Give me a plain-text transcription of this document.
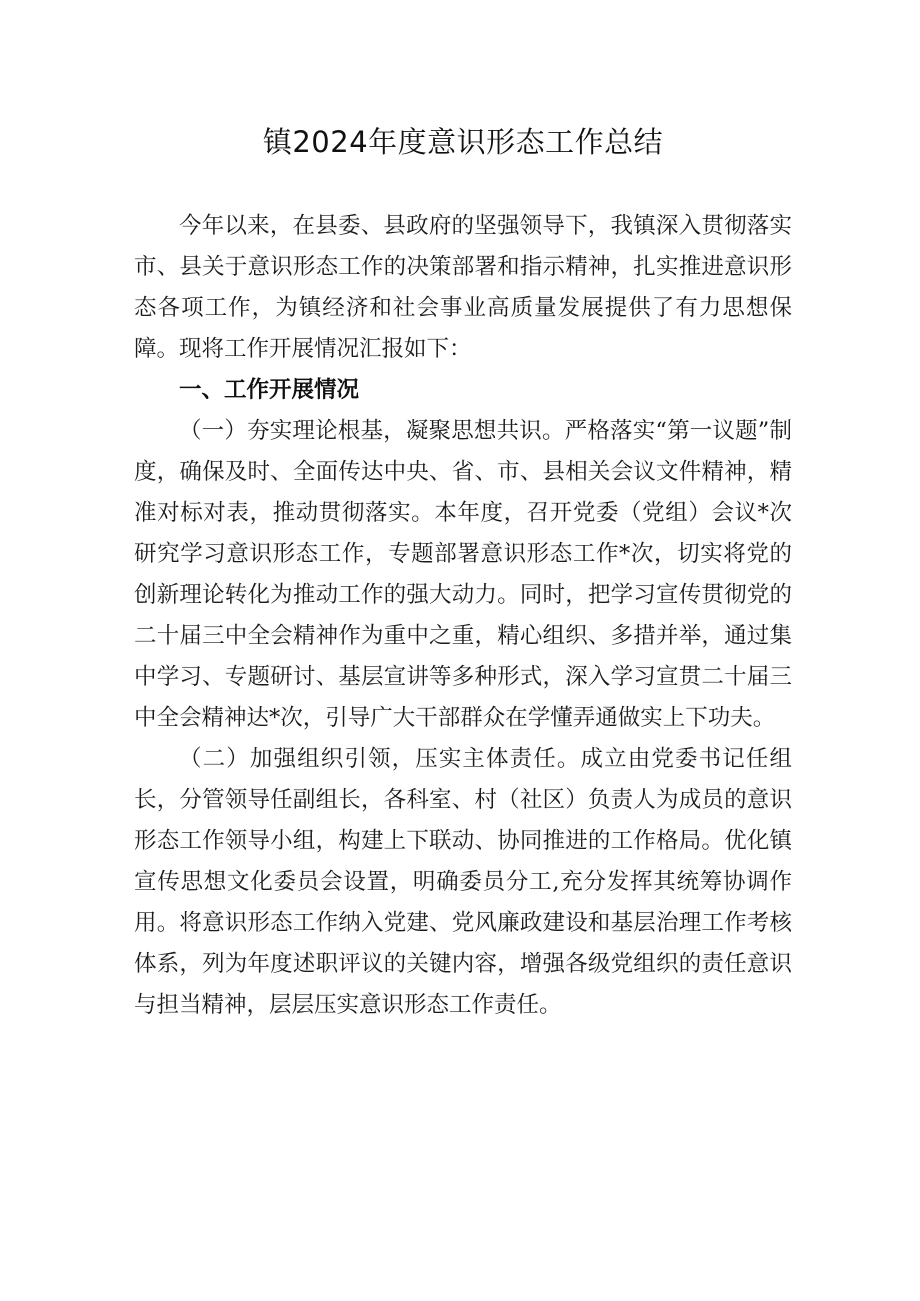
镇2024年度意识形态工作总结

今年以来，在县委、县政府的坚强领导下，我镇深入贯彻落实市、县关于意识形态工作的决策部署和指示精神，扎实推进意识形态各项工作，为镇经济和社会事业高质量发展提供了有力思想保障。现将工作开展情况汇报如下：

一、工作开展情况

（一）夯实理论根基，凝聚思想共识。严格落实“第一议题”制度，确保及时、全面传达中央、省、市、县相关会议文件精神，精准对标对表，推动贯彻落实。本年度，召开党委（党组）会议*次研究学习意识形态工作，专题部署意识形态工作*次，切实将党的创新理论转化为推动工作的强大动力。同时，把学习宣传贯彻党的二十届三中全会精神作为重中之重，精心组织、多措并举，通过集中学习、专题研讨、基层宣讲等多种形式，深入学习宣贯二十届三中全会精神达*次，引导广大干部群众在学懂弄通做实上下功夫。

（二）加强组织引领，压实主体责任。成立由党委书记任组长，分管领导任副组长，各科室、村（社区）负责人为成员的意识形态工作领导小组，构建上下联动、协同推进的工作格局。优化镇宣传思想文化委员会设置，明确委员分工,充分发挥其统筹协调作用。将意识形态工作纳入党建、党风廉政建设和基层治理工作考核体系，列为年度述职评议的关键内容，增强各级党组织的责任意识与担当精神，层层压实意识形态工作责任。
